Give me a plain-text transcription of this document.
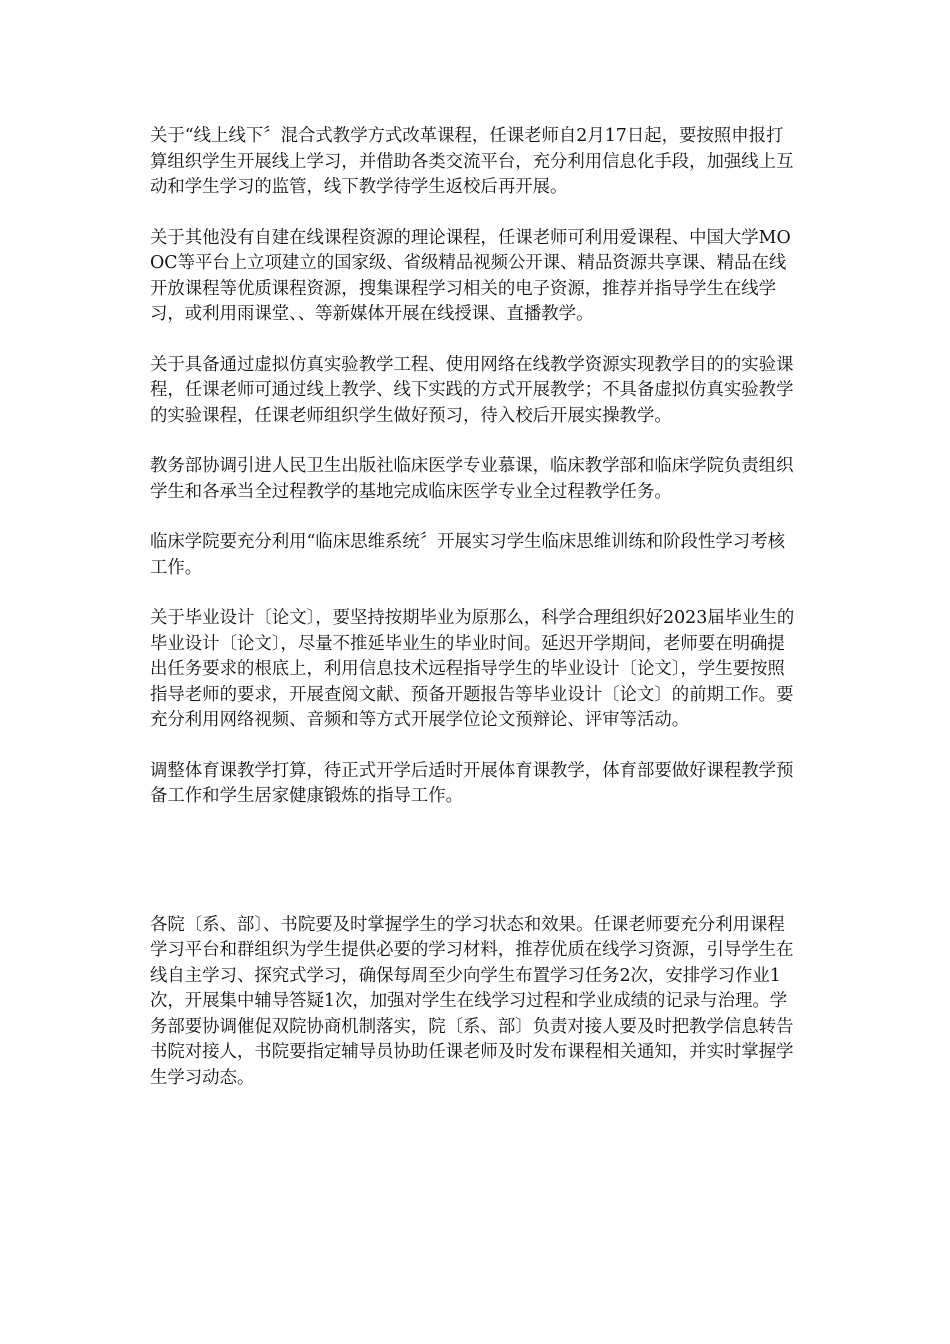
关于“线上线下〞混合式教学方式改革课程，任课老师自2月17日起，要按照申报打算组织学生开展线上学习，并借助各类交流平台，充分利用信息化手段，加强线上互动和学生学习的监管，线下教学待学生返校后再开展。

关于其他没有自建在线课程资源的理论课程，任课老师可利用爱课程、中国大学MOOC等平台上立项建立的国家级、省级精品视频公开课、精品资源共享课、精品在线开放课程等优质课程资源，搜集课程学习相关的电子资源，推荐并指导学生在线学习，或利用雨课堂、、等新媒体开展在线授课、直播教学。

关于具备通过虚拟仿真实验教学工程、使用网络在线教学资源实现教学目的的实验课程，任课老师可通过线上教学、线下实践的方式开展教学；不具备虚拟仿真实验教学的实验课程，任课老师组织学生做好预习，待入校后开展实操教学。

教务部协调引进人民卫生出版社临床医学专业慕课，临床教学部和临床学院负责组织学生和各承当全过程教学的基地完成临床医学专业全过程教学任务。

临床学院要充分利用“临床思维系统〞开展实习学生临床思维训练和阶段性学习考核工作。

关于毕业设计〔论文〕，要坚持按期毕业为原那么，科学合理组织好2023届毕业生的毕业设计〔论文〕，尽量不推延毕业生的毕业时间。延迟开学期间，老师要在明确提出任务要求的根底上，利用信息技术远程指导学生的毕业设计〔论文〕，学生要按照指导老师的要求，开展查阅文献、预备开题报告等毕业设计〔论文〕的前期工作。要充分利用网络视频、音频和等方式开展学位论文预辩论、评审等活动。

调整体育课教学打算，待正式开学后适时开展体育课教学，体育部要做好课程教学预备工作和学生居家健康锻炼的指导工作。

各院〔系、部〕、书院要及时掌握学生的学习状态和效果。任课老师要充分利用课程学习平台和群组织为学生提供必要的学习材料，推荐优质在线学习资源，引导学生在线自主学习、探究式学习，确保每周至少向学生布置学习任务2次，安排学习作业1次，开展集中辅导答疑1次，加强对学生在线学习过程和学业成绩的记录与治理。学务部要协调催促双院协商机制落实，院〔系、部〕负责对接人要及时把教学信息转告书院对接人，书院要指定辅导员协助任课老师及时发布课程相关通知，并实时掌握学生学习动态。
